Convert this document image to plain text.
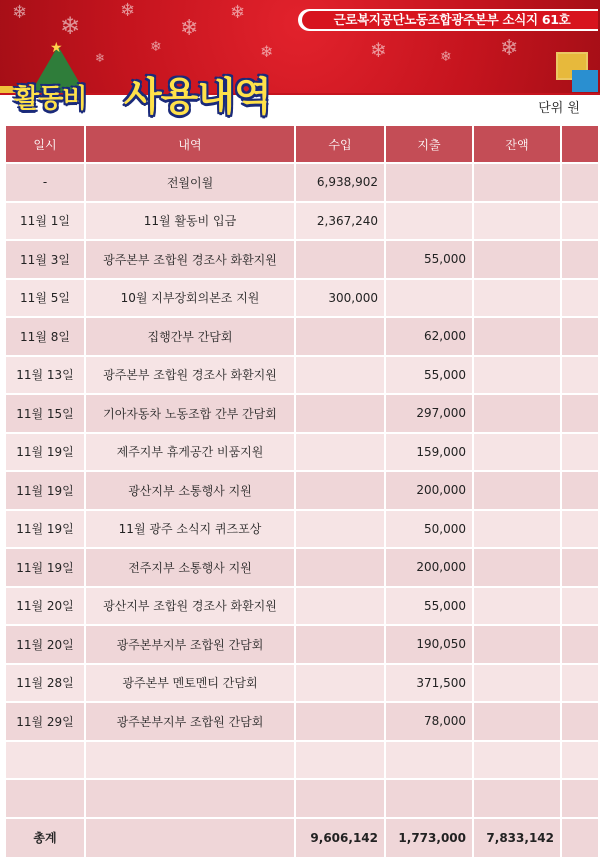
❄ ❄
❄
❄
❄
❄	❄	❄	❄ ❄
❄
★
근로복지공단노동조합광주본부 소식지 61호
활동비 사용내역	단위 원
일시	내역	수입	지출	잔액	
-	전월이월	6,938,902			
11월 1일	11월 활동비 입금	2,367,240			
11월 3일	광주본부 조합원 경조사 화환지원		55,000		
11월 5일	10월 지부장회의본조 지원	300,000			
11월 8일	집행간부 간담회		62,000		
11월 13일	광주본부 조합원 경조사 화환지원		55,000		
11월 15일	기아자동차 노동조합 간부 간담회		297,000		
11월 19일	제주지부 휴게공간 비품지원		159,000		
11월 19일	광산지부 소통행사 지원		200,000		
11월 19일	11월 광주 소식지 퀴즈포상		50,000		
11월 19일	전주지부 소통행사 지원		200,000		
11월 20일	광산지부 조합원 경조사 화환지원		55,000		
11월 20일	광주본부지부 조합원 간담회		190,050		
11월 28일	광주본부 멘토멘티 간담회		371,500		
11월 29일	광주본부지부 조합원 간담회		78,000		

총계		9,606,142	1,773,000	7,833,142	
